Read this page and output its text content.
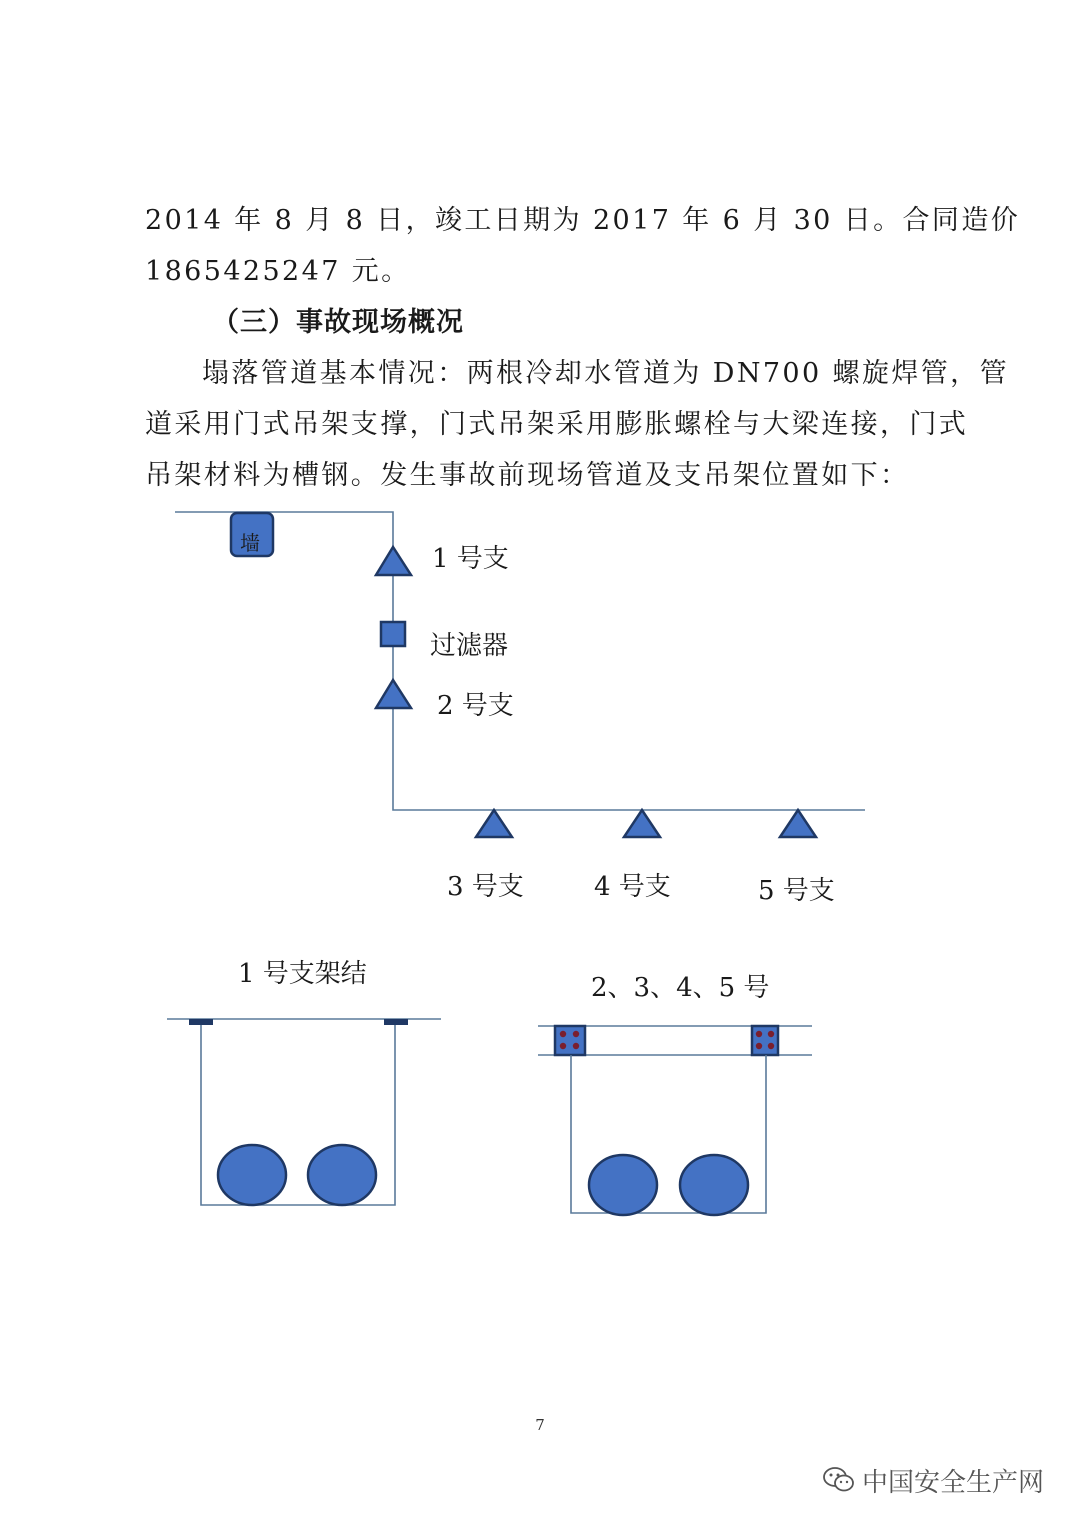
2014 年 8 月 8 日，竣工日期为 2017 年 6 月 30 日。合同造价
1865425247 元。
（三）事故现场概况
塌落管道基本情况：两根冷却水管道为 DN700 螺旋焊管，管
道采用门式吊架支撑，门式吊架采用膨胀螺栓与大梁连接，门式
吊架材料为槽钢。发生事故前现场管道及支吊架位置如下：
墙
1 号支
过滤器
2 号支
3 号支	4 号支	5 号支
1 号支架结	2、3、4、5 号
7
中国安全生产网
